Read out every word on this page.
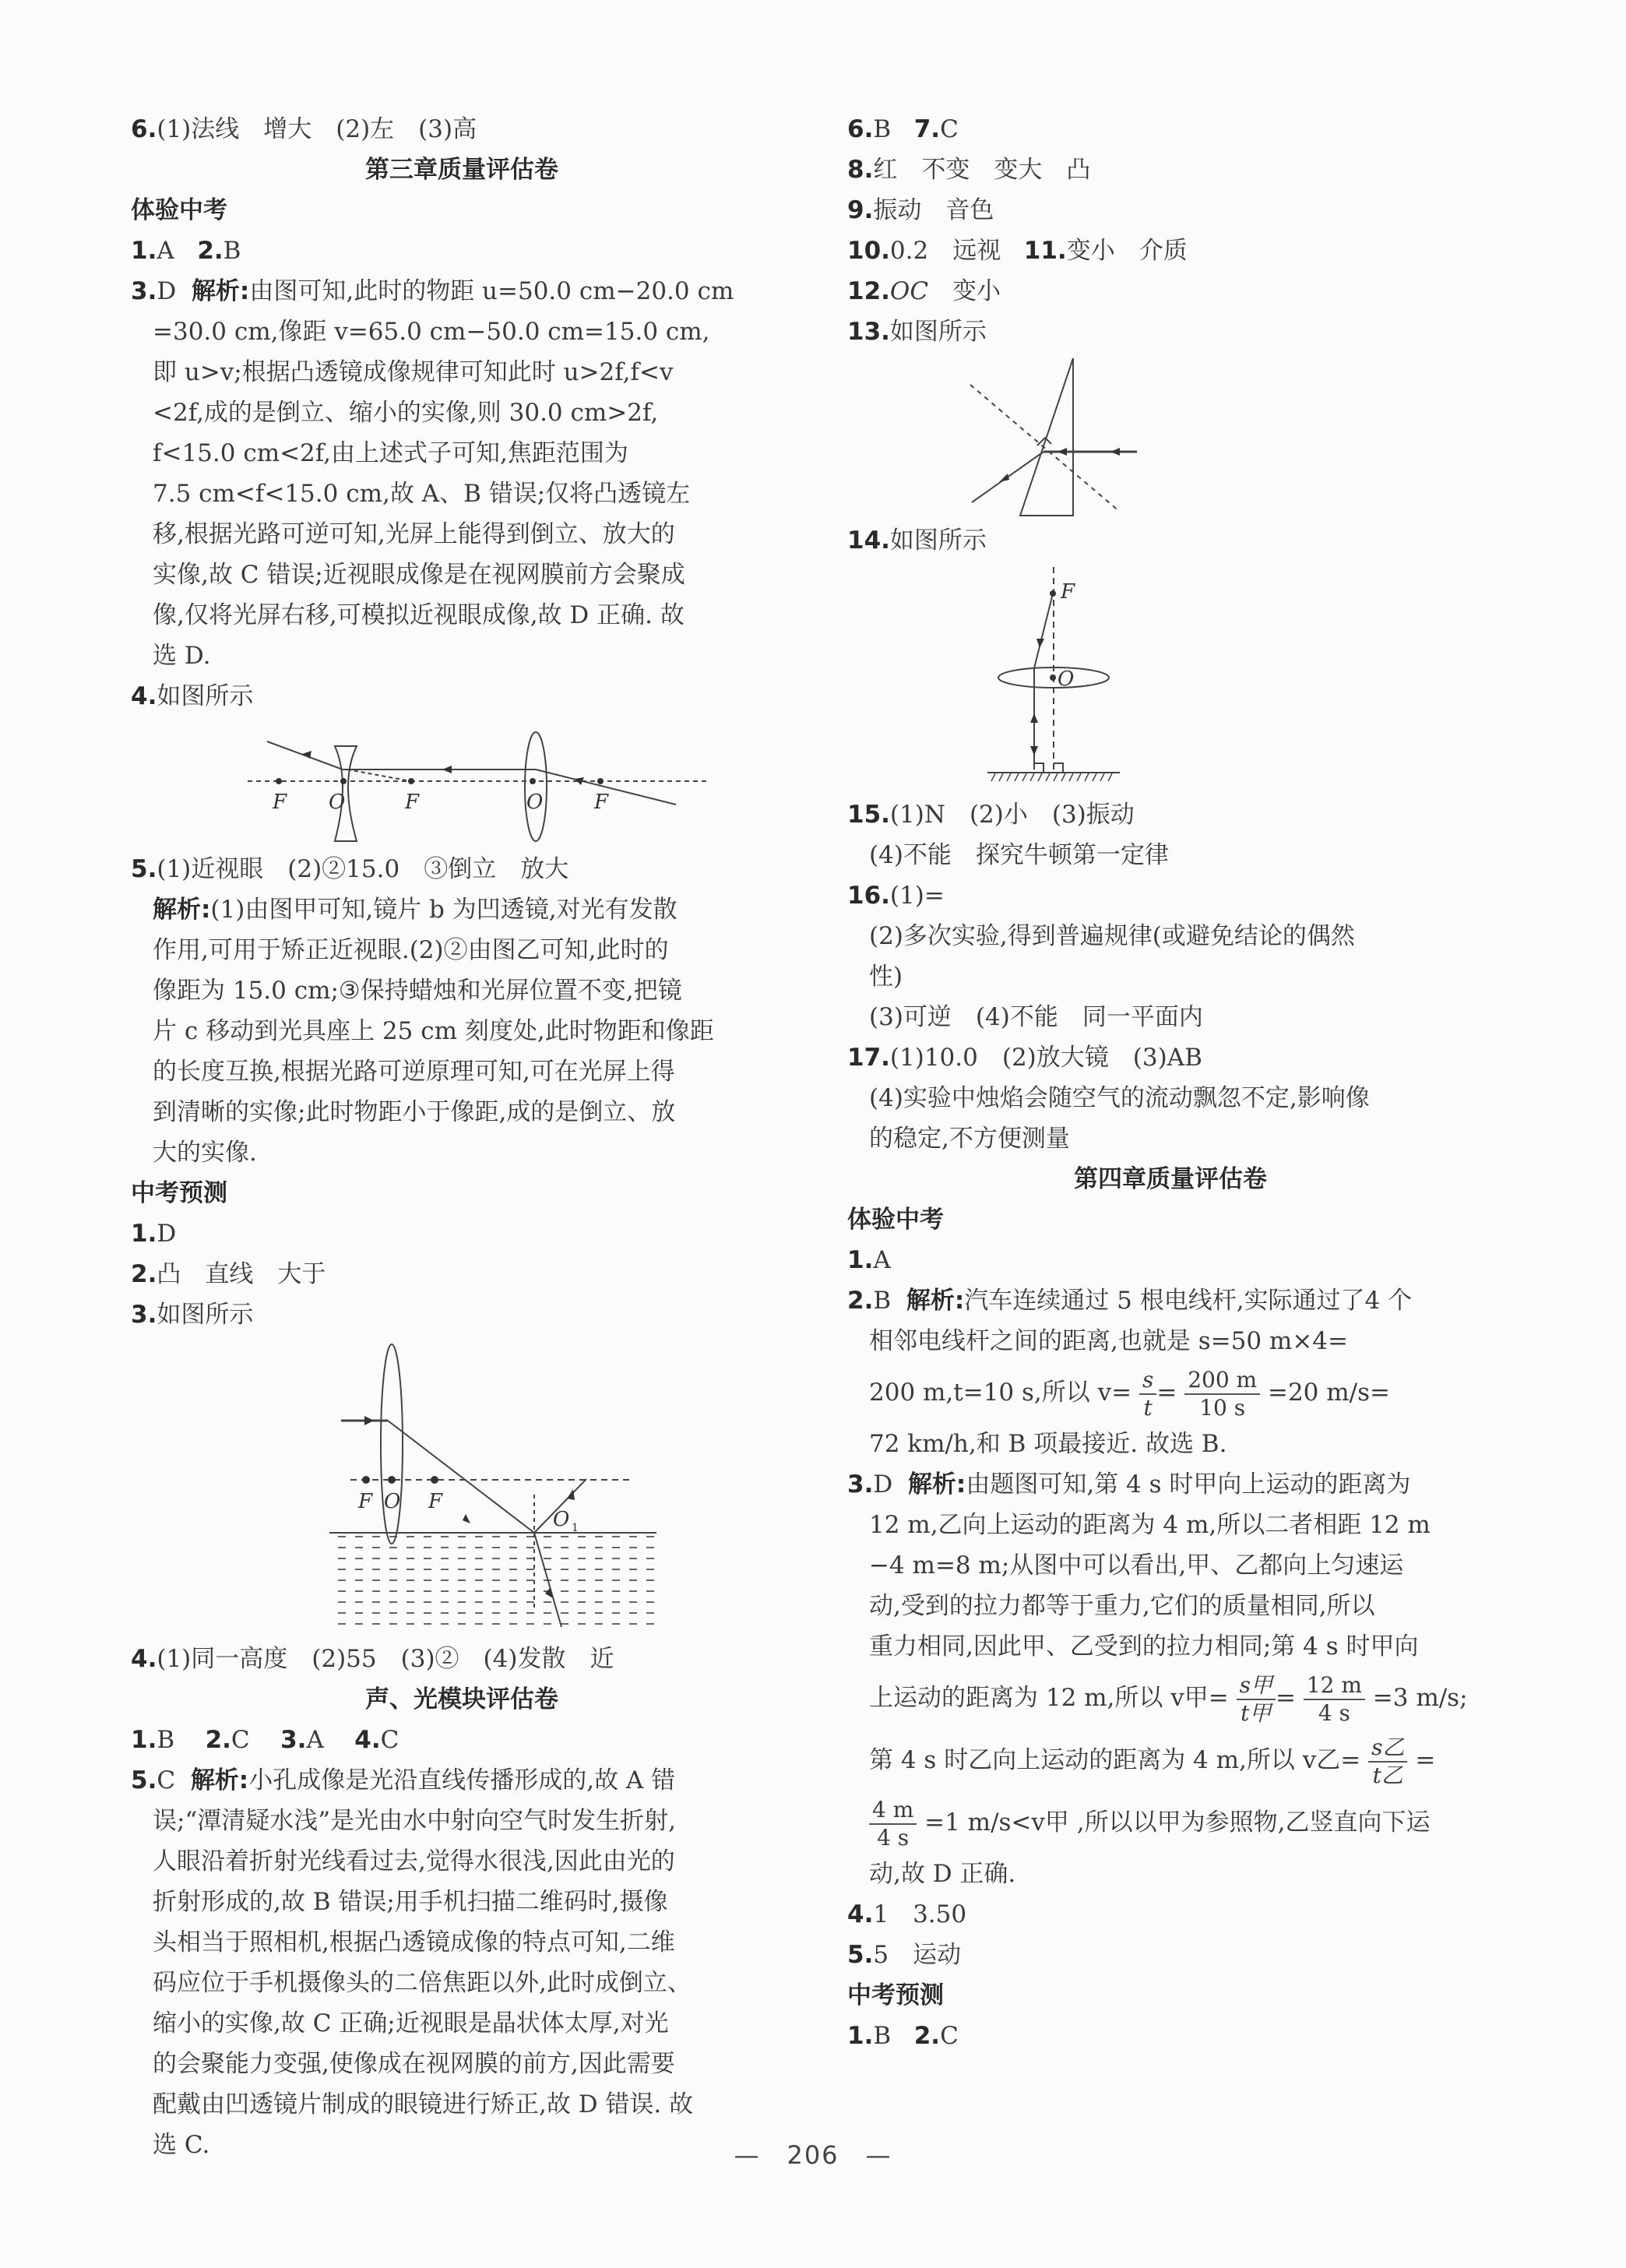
6.(1)法线　增大　(2)左　(3)高
第三章质量评估卷
体验中考
1.A 2.B
3.D 解析:由图可知,此时的物距 u=50.0 cm−20.0 cm
=30.0 cm,像距 v=65.0 cm−50.0 cm=15.0 cm,
即 u>v;根据凸透镜成像规律可知此时 u>2f,f<v
<2f,成的是倒立、缩小的实像,则 30.0 cm>2f,
f<15.0 cm<2f,由上述式子可知,焦距范围为
7.5 cm<f<15.0 cm,故 A、B 错误;仅将凸透镜左
移,根据光路可逆可知,光屏上能得到倒立、放大的
实像,故 C 错误;近视眼成像是在视网膜前方会聚成
像,仅将光屏右移,可模拟近视眼成像,故 D 正确. 故
选 D.
4.如图所示
F O	F	O	F
5.(1)近视眼　(2)②15.0　③倒立　放大
解析:(1)由图甲可知,镜片 b 为凹透镜,对光有发散
作用,可用于矫正近视眼.(2)②由图乙可知,此时的
像距为 15.0 cm;③保持蜡烛和光屏位置不变,把镜
片 c 移动到光具座上 25 cm 刻度处,此时物距和像距
的长度互换,根据光路可逆原理可知,可在光屏上得
到清晰的实像;此时物距小于像距,成的是倒立、放
大的实像.
中考预测
1.D
2.凸　直线　大于
3.如图所示
F O F
O 1
4.(1)同一高度　(2)55　(3)②　(4)发散　近
声、光模块评估卷
1.B 2.C 3.A 4.C
5.C 解析:小孔成像是光沿直线传播形成的,故 A 错
误;“潭清疑水浅”是光由水中射向空气时发生折射,
人眼沿着折射光线看过去,觉得水很浅,因此由光的
折射形成的,故 B 错误;用手机扫描二维码时,摄像
头相当于照相机,根据凸透镜成像的特点可知,二维
码应位于手机摄像头的二倍焦距以外,此时成倒立、
缩小的实像,故 C 正确;近视眼是晶状体太厚,对光
的会聚能力变强,使像成在视网膜的前方,因此需要
配戴由凹透镜片制成的眼镜进行矫正,故 D 错误. 故
选 C.
6.B 7.C
8.红　不变　变大　凸
9.振动　音色
10.0.2　远视 11.变小　介质
12.OC　变小
13.如图所示
14.如图所示
F
O
15.(1)N　(2)小　(3)振动
(4)不能　探究牛顿第一定律
16.(1)=
(2)多次实验,得到普遍规律(或避免结论的偶然
性)
(3)可逆　(4)不能　同一平面内
17.(1)10.0　(2)放大镜　(3)AB
(4)实验中烛焰会随空气的流动飘忽不定,影响像
的稳定,不方便测量
第四章质量评估卷
体验中考
1.A
2.B 解析:汽车连续通过 5 根电线杆,实际通过了4 个
相邻电线杆之间的距离,也就是 s=50 m×4=
200 m,t=10 s,所以 $v= \frac{s}{t} = \frac{200 m}{10 s} =20$ m/s=
72 km/h,和 B 项最接近. 故选 B.
3.D 解析:由题图可知,第 4 s 时甲向上运动的距离为
12 m,乙向上运动的距离为 4 m,所以二者相距 12 m
−4 m=8 m;从图中可以看出,甲、乙都向上匀速运
动,受到的拉力都等于重力,它们的质量相同,所以
重力相同,因此甲、乙受到的拉力相同;第 4 s 时甲向
上运动的距离为 12 m,所以 v甲= $\frac{\text{s甲}}{\text{t甲}} = \frac{12 m}{4 s} =3$ m/s;
第 4 s 时乙向上运动的距离为 4 m,所以 v乙= $\frac{\text{s乙}}{\text{t乙}}$ =
$\frac{4 m}{4 s} =1$ m/s<v甲 ,所以以甲为参照物,乙竖直向下运
动,故 D 正确.
4.1　3.50
5.5　运动
中考预测
1.B 2.C
—　206　—
